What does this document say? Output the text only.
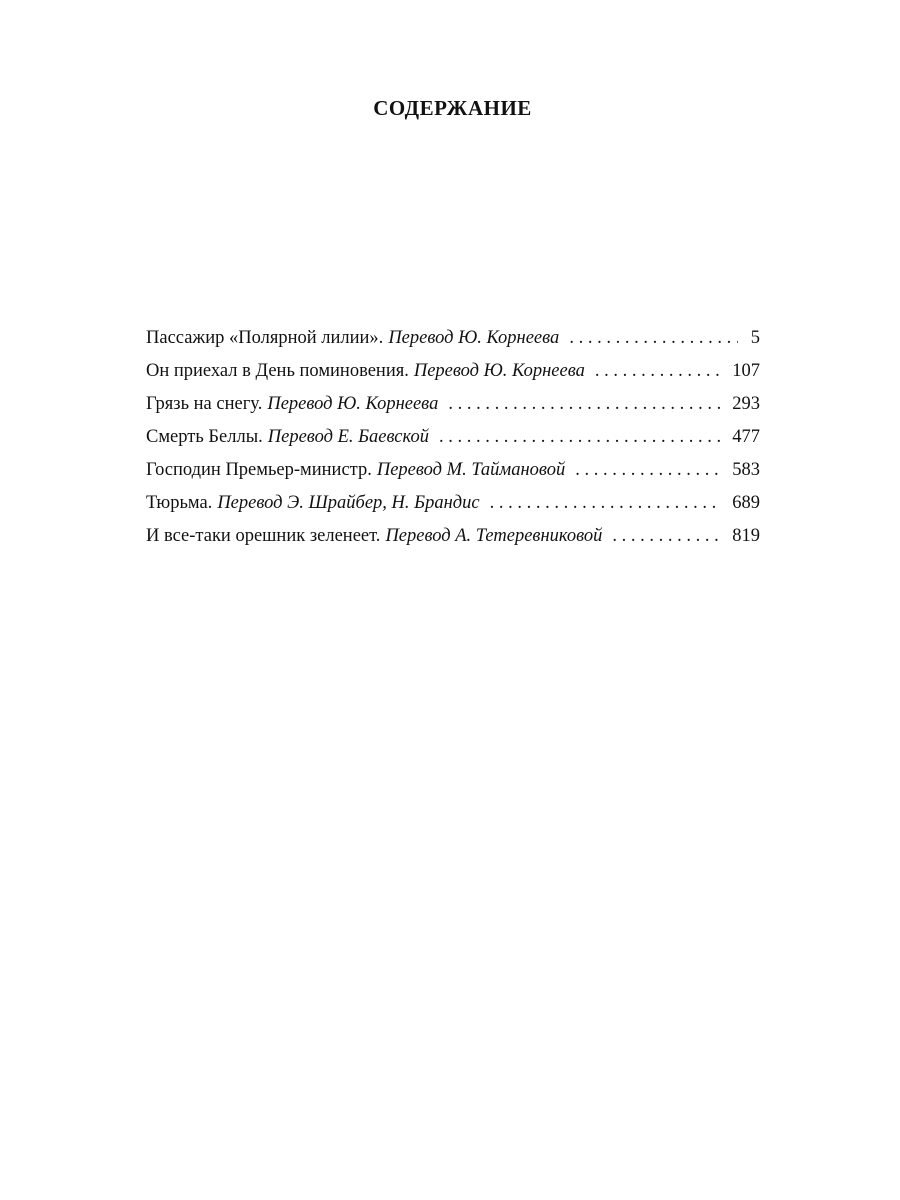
СОДЕРЖАНИЕ
Пассажир «Полярной лилии». Перевод Ю. Корнеева . . .	5
Он приехал в День поминовения. Перевод Ю. Корнеева . . .	107
Грязь на снегу. Перевод Ю. Корнеева . . .	293
Смерть Беллы. Перевод Е. Баевской . . .	477
Господин Премьер-министр. Перевод М. Таймановой . . .	583
Тюрьма. Перевод Э. Шрайбер, Н. Брандис . . .	689
И все-таки орешник зеленеет. Перевод А. Тетеревниковой . . .	819
